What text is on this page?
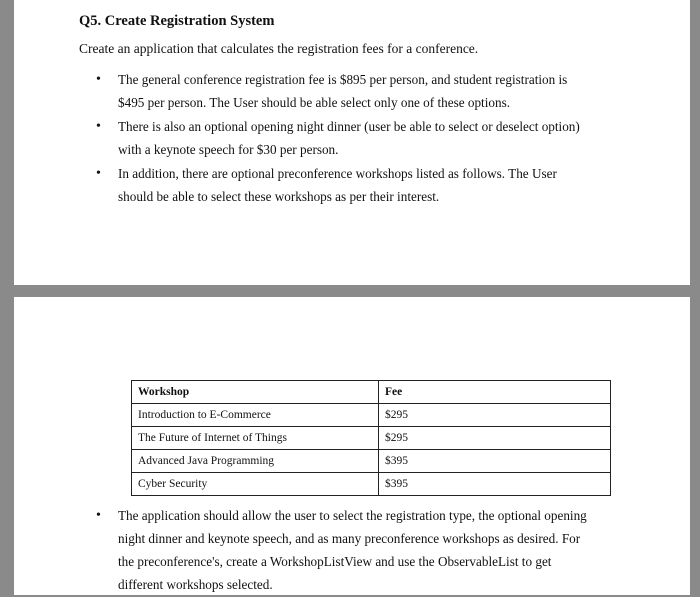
Q5. Create Registration System
Create an application that calculates the registration fees for a conference.
• The general conference registration fee is $895 per person, and student registration is
$495 per person. The User should be able select only one of these options.
• There is also an optional opening night dinner (user be able to select or deselect option)
with a keynote speech for $30 per person.
• In addition, there are optional preconference workshops listed as follows. The User
should be able to select these workshops as per their interest.
Workshop	Fee
Introduction to E-Commerce	$295
The Future of Internet of Things	$295
Advanced Java Programming	$395
Cyber Security	$395
• The application should allow the user to select the registration type, the optional opening
night dinner and keynote speech, and as many preconference workshops as desired. For
the preconference's, create a WorkshopListView and use the ObservableList to get
different workshops selected.
